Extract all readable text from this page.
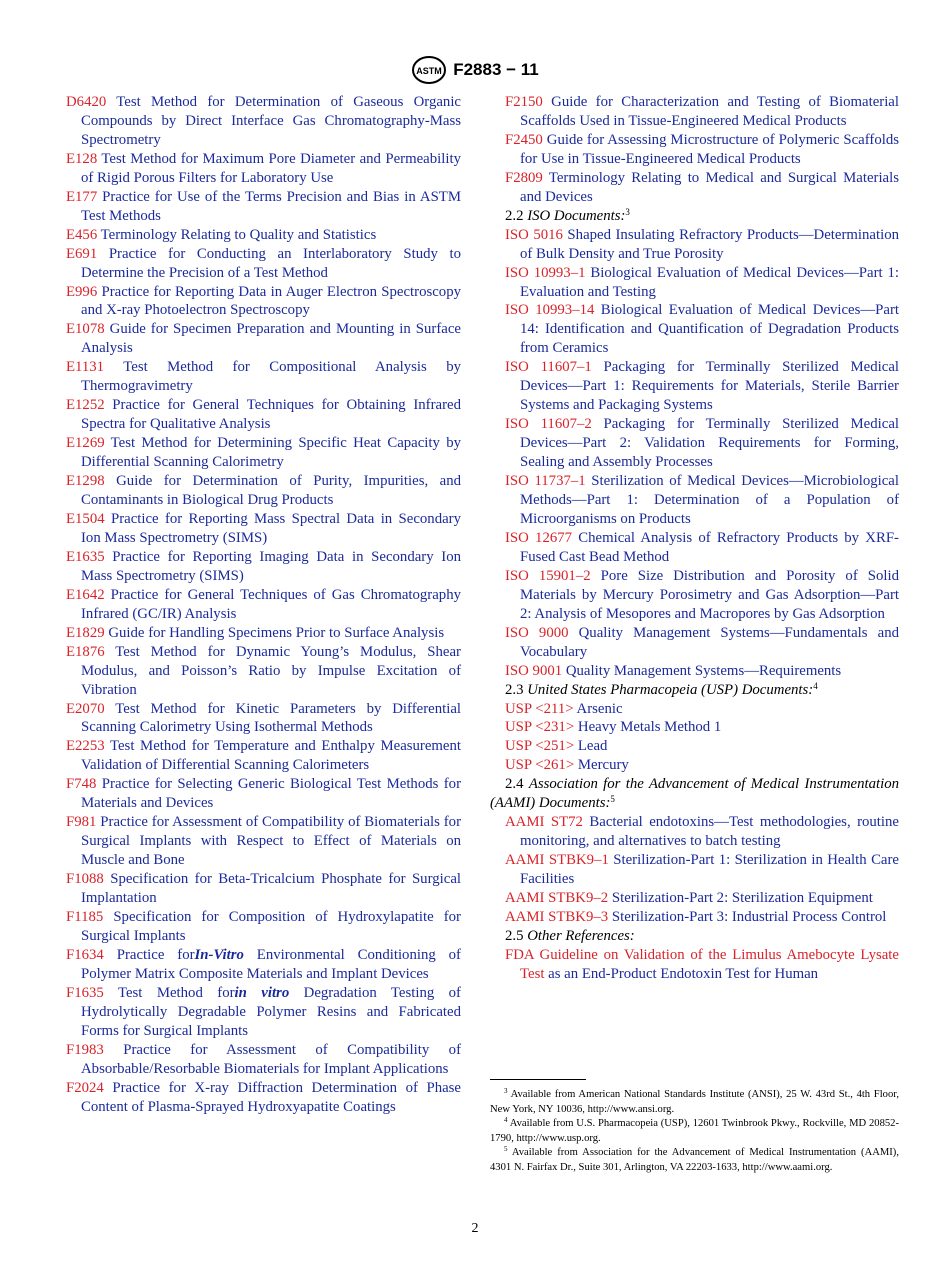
ASTM F2883 − 11
D6420 Test Method for Determination of Gaseous Organic Compounds by Direct Interface Gas Chromatography-Mass Spectrometry
E128 Test Method for Maximum Pore Diameter and Permeability of Rigid Porous Filters for Laboratory Use
E177 Practice for Use of the Terms Precision and Bias in ASTM Test Methods
E456 Terminology Relating to Quality and Statistics
E691 Practice for Conducting an Interlaboratory Study to Determine the Precision of a Test Method
E996 Practice for Reporting Data in Auger Electron Spectroscopy and X-ray Photoelectron Spectroscopy
E1078 Guide for Specimen Preparation and Mounting in Surface Analysis
E1131 Test Method for Compositional Analysis by Thermogravimetry
E1252 Practice for General Techniques for Obtaining Infrared Spectra for Qualitative Analysis
E1269 Test Method for Determining Specific Heat Capacity by Differential Scanning Calorimetry
E1298 Guide for Determination of Purity, Impurities, and Contaminants in Biological Drug Products
E1504 Practice for Reporting Mass Spectral Data in Secondary Ion Mass Spectrometry (SIMS)
E1635 Practice for Reporting Imaging Data in Secondary Ion Mass Spectrometry (SIMS)
E1642 Practice for General Techniques of Gas Chromatography Infrared (GC/IR) Analysis
E1829 Guide for Handling Specimens Prior to Surface Analysis
E1876 Test Method for Dynamic Young’s Modulus, Shear Modulus, and Poisson’s Ratio by Impulse Excitation of Vibration
E2070 Test Method for Kinetic Parameters by Differential Scanning Calorimetry Using Isothermal Methods
E2253 Test Method for Temperature and Enthalpy Measurement Validation of Differential Scanning Calorimeters
F748 Practice for Selecting Generic Biological Test Methods for Materials and Devices
F981 Practice for Assessment of Compatibility of Biomaterials for Surgical Implants with Respect to Effect of Materials on Muscle and Bone
F1088 Specification for Beta-Tricalcium Phosphate for Surgical Implantation
F1185 Specification for Composition of Hydroxylapatite for Surgical Implants
F1634 Practice forIn-Vitro Environmental Conditioning of Polymer Matrix Composite Materials and Implant Devices
F1635 Test Method forin vitro Degradation Testing of Hydrolytically Degradable Polymer Resins and Fabricated Forms for Surgical Implants
F1983 Practice for Assessment of Compatibility of Absorbable/Resorbable Biomaterials for Implant Applications
F2024 Practice for X-ray Diffraction Determination of Phase Content of Plasma-Sprayed Hydroxyapatite Coatings
F2150 Guide for Characterization and Testing of Biomaterial Scaffolds Used in Tissue-Engineered Medical Products
F2450 Guide for Assessing Microstructure of Polymeric Scaffolds for Use in Tissue-Engineered Medical Products
F2809 Terminology Relating to Medical and Surgical Materials and Devices
2.2 ISO Documents:$^3$
ISO 5016 Shaped Insulating Refractory Products—Determination of Bulk Density and True Porosity
ISO 10993–1 Biological Evaluation of Medical Devices—Part 1: Evaluation and Testing
ISO 10993–14 Biological Evaluation of Medical Devices—Part 14: Identification and Quantification of Degradation Products from Ceramics
ISO 11607–1 Packaging for Terminally Sterilized Medical Devices—Part 1: Requirements for Materials, Sterile Barrier Systems and Packaging Systems
ISO 11607–2 Packaging for Terminally Sterilized Medical Devices—Part 2: Validation Requirements for Forming, Sealing and Assembly Processes
ISO 11737–1 Sterilization of Medical Devices—Microbiological Methods—Part 1: Determination of a Population of Microorganisms on Products
ISO 12677 Chemical Analysis of Refractory Products by XRF-Fused Cast Bead Method
ISO 15901–2 Pore Size Distribution and Porosity of Solid Materials by Mercury Porosimetry and Gas Adsorption—Part 2: Analysis of Mesopores and Macropores by Gas Adsorption
ISO 9000 Quality Management Systems—Fundamentals and Vocabulary
ISO 9001 Quality Management Systems—Requirements
2.3 United States Pharmacopeia (USP) Documents:$^4$
USP <211> Arsenic
USP <231> Heavy Metals Method 1
USP <251> Lead
USP <261> Mercury
2.4 Association for the Advancement of Medical Instrumentation (AAMI) Documents:$^5$
AAMI ST72 Bacterial endotoxins—Test methodologies, routine monitoring, and alternatives to batch testing
AAMI STBK9–1 Sterilization-Part 1: Sterilization in Health Care Facilities
AAMI STBK9–2 Sterilization-Part 2: Sterilization Equipment
AAMI STBK9–3 Sterilization-Part 3: Industrial Process Control
2.5 Other References:
FDA Guideline on Validation of the Limulus Amebocyte Lysate Test as an End-Product Endotoxin Test for Human

$^3$ Available from American National Standards Institute (ANSI), 25 W. 43rd St., 4th Floor, New York, NY 10036, http://www.ansi.org.

$^4$ Available from U.S. Pharmacopeia (USP), 12601 Twinbrook Pkwy., Rockville, MD 20852-1790, http://www.usp.org.

$^5$ Available from Association for the Advancement of Medical Instrumentation (AAMI), 4301 N. Fairfax Dr., Suite 301, Arlington, VA 22203-1633, http://www.aami.org.

2
